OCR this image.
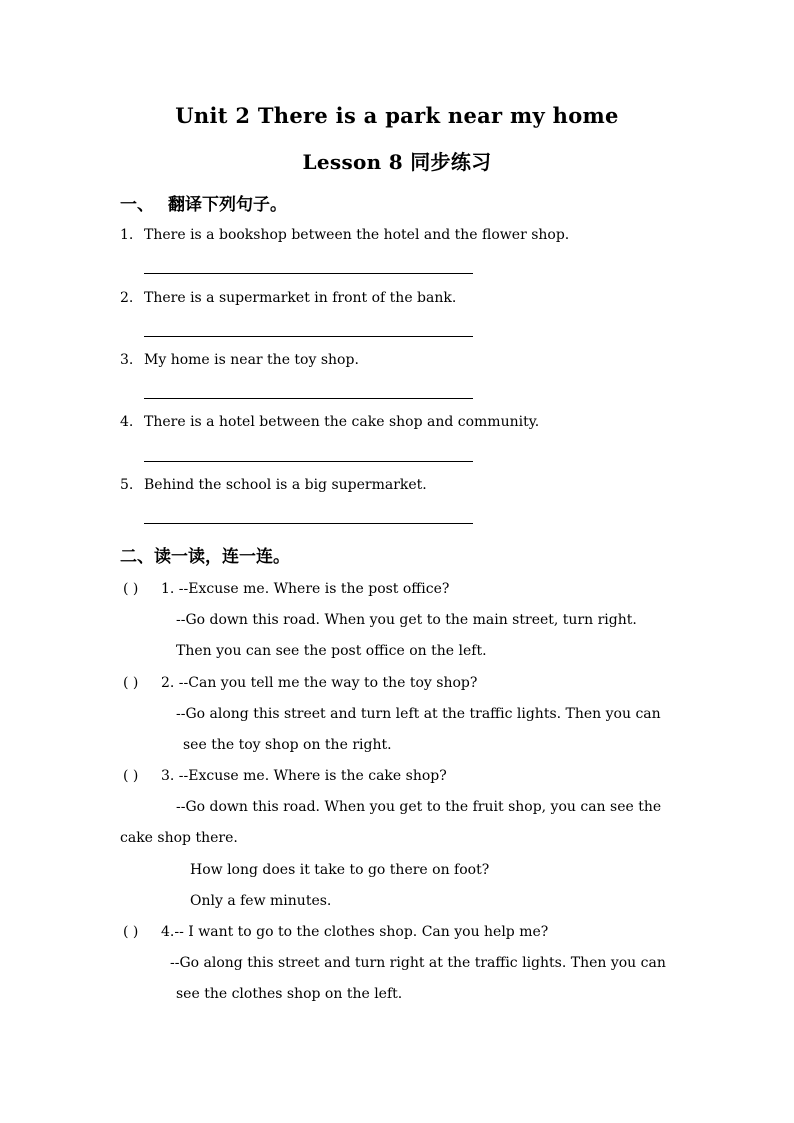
Unit 2 There is a park near my home
Lesson 8 同步练习
一、 翻译下列句子。
1. There is a bookshop between the hotel and the flower shop.
2. There is a supermarket in front of the bank.
3. My home is near the toy shop.
4. There is a hotel between the cake shop and community.
5. Behind the school is a big supermarket.
二、读一读，连一连。
( ) 1. --Excuse me. Where is the post office?
--Go down this road. When you get to the main street, turn right.
Then you can see the post office on the left.
( ) 2. --Can you tell me the way to the toy shop?
--Go along this street and turn left at the traffic lights. Then you can
see the toy shop on the right.
( ) 3. --Excuse me. Where is the cake shop?
--Go down this road. When you get to the fruit shop, you can see the
cake shop there.
How long does it take to go there on foot?
Only a few minutes.
( ) 4.-- I want to go to the clothes shop. Can you help me?
--Go along this street and turn right at the traffic lights. Then you can
see the clothes shop on the left.
